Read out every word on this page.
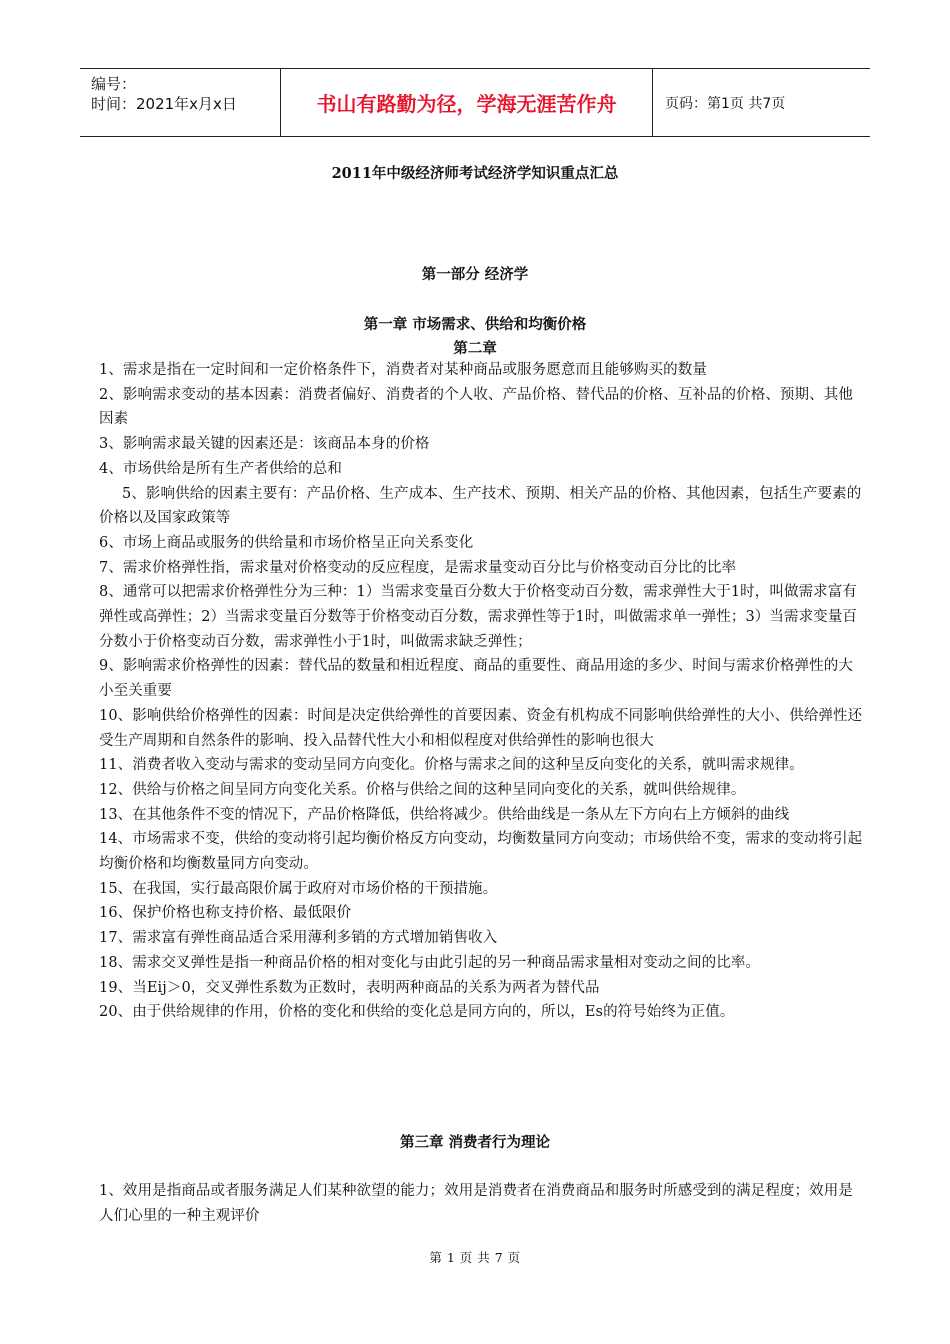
编号：
时间：2021年x月x日	书山有路勤为径，学海无涯苦作舟	页码：第1页 共7页
2011年中级经济师考试经济学知识重点汇总
第一部分 经济学
第一章 市场需求、供给和均衡价格
第二章

1、需求是指在一定时间和一定价格条件下，消费者对某种商品或服务愿意而且能够购买的数量

2、影响需求变动的基本因素：消费者偏好、消费者的个人收、产品价格、替代品的价格、互补品的价格、预期、其他因素

3、影响需求最关键的因素还是：该商品本身的价格

4、市场供给是所有生产者供给的总和

5、影响供给的因素主要有：产品价格、生产成本、生产技术、预期、相关产品的价格、其他因素，包括生产要素的价格以及国家政策等

6、市场上商品或服务的供给量和市场价格呈正向关系变化

7、需求价格弹性指，需求量对价格变动的反应程度，是需求量变动百分比与价格变动百分比的比率

8、通常可以把需求价格弹性分为三种：1）当需求变量百分数大于价格变动百分数，需求弹性大于1时，叫做需求富有弹性或高弹性；2）当需求变量百分数等于价格变动百分数，需求弹性等于1时，叫做需求单一弹性；3）当需求变量百分数小于价格变动百分数，需求弹性小于1时，叫做需求缺乏弹性；

9、影响需求价格弹性的因素：替代品的数量和相近程度、商品的重要性、商品用途的多少、时间与需求价格弹性的大小至关重要

10、影响供给价格弹性的因素：时间是决定供给弹性的首要因素、资金有机构成不同影响供给弹性的大小、供给弹性还受生产周期和自然条件的影响、投入品替代性大小和相似程度对供给弹性的影响也很大

11、消费者收入变动与需求的变动呈同方向变化。价格与需求之间的这种呈反向变化的关系，就叫需求规律。

12、供给与价格之间呈同方向变化关系。价格与供给之间的这种呈同向变化的关系，就叫供给规律。

13、在其他条件不变的情况下，产品价格降低，供给将减少。供给曲线是一条从左下方向右上方倾斜的曲线

14、市场需求不变，供给的变动将引起均衡价格反方向变动，均衡数量同方向变动；市场供给不变，需求的变动将引起均衡价格和均衡数量同方向变动。

15、在我国，实行最高限价属于政府对市场价格的干预措施。

16、保护价格也称支持价格、最低限价

17、需求富有弹性商品适合采用薄利多销的方式增加销售收入

18、需求交叉弹性是指一种商品价格的相对变化与由此引起的另一种商品需求量相对变动之间的比率。

19、当Eij＞0，交叉弹性系数为正数时，表明两种商品的关系为两者为替代品

20、由于供给规律的作用，价格的变化和供给的变化总是同方向的，所以，Es的符号始终为正值。

第三章 消费者行为理论

1、效用是指商品或者服务满足人们某种欲望的能力；效用是消费者在消费商品和服务时所感受到的满足程度；效用是人们心里的一种主观评价

第 1 页 共 7 页
